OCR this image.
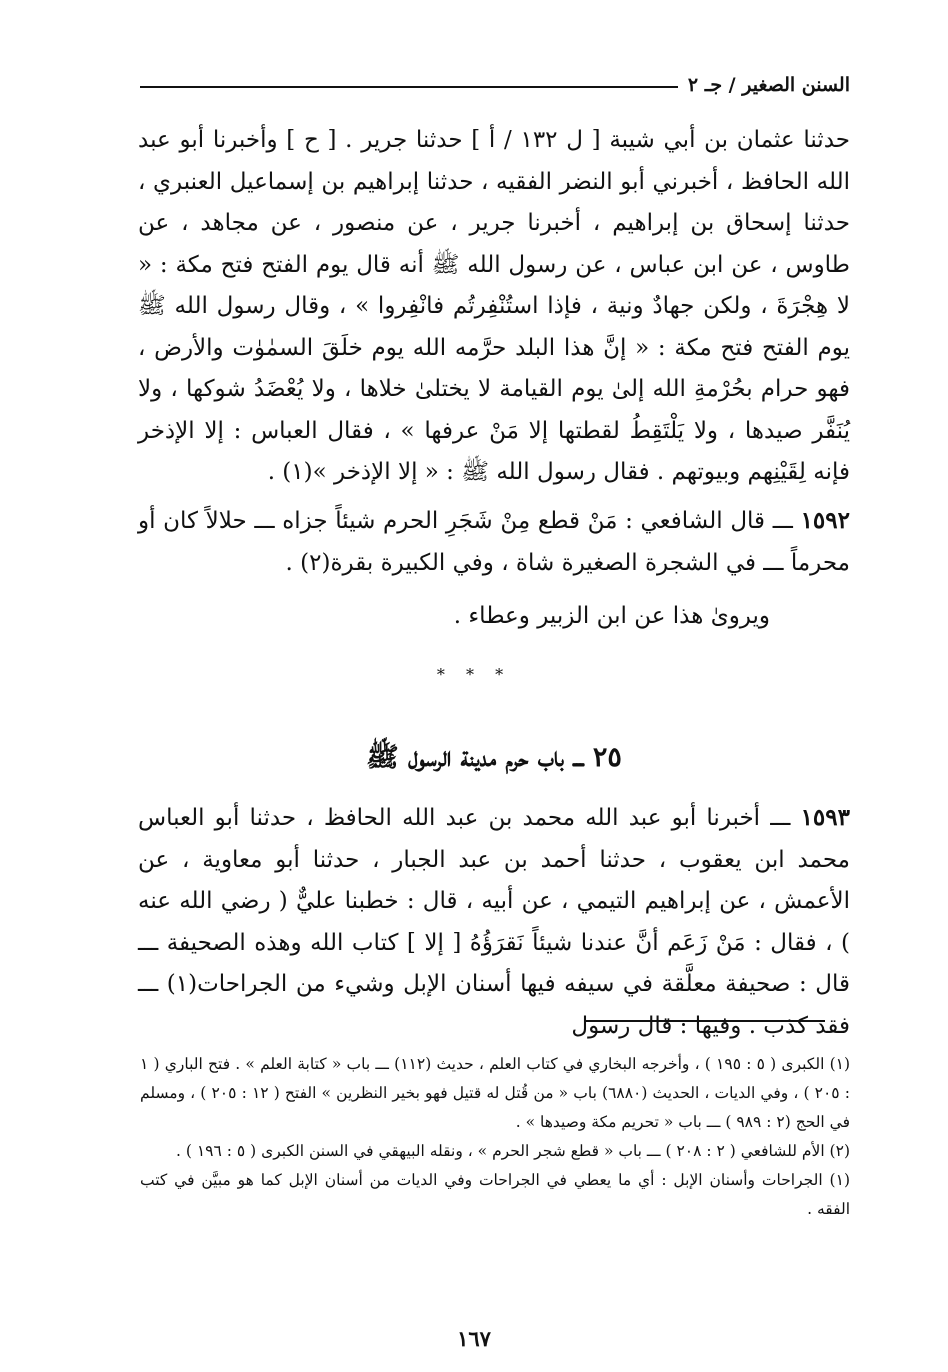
السنن الصغير / جـ ٢

حدثنا عثمان بن أبي شيبة [ ل ١٣٢ / أ ] حدثنا جرير . [ ح ] وأخبرنا أبو عبد الله الحافظ ، أخبرني أبو النضر الفقيه ، حدثنا إبراهيم بن إسماعيل العنبري ، حدثنا إسحاق بن إبراهيم ، أخبرنا جرير ، عن منصور ، عن مجاهد ، عن طاوس ، عن ابن عباس ، عن رسول الله ﷺ أنه قال يوم الفتح فتح مكة : « لا هِجْرَةَ ، ولكن جهادٌ ونية ، فإذا استُنْفِرتُم فانْفِروا » ، وقال رسول الله ﷺ يوم الفتح فتح مكة : « إنَّ هذا البلد حرَّمه الله يوم خلَقَ السمٰوٰت والأرض ، فهو حرام بحُرْمةِ الله إلىٰ يوم القيامة لا يختلىٰ خلاها ، ولا يُعْضَدُ شوكها ، ولا يُنَفَّر صيدها ، ولا يَلْتَقِطُ لقطتها إلا مَنْ عرفها » ، فقال العباس : إلا الإذخر فإنه لِقَيْنِهم وبيوتهم . فقال رسول الله ﷺ : « إلا الإذخر »(١) .

١٥٩٢ ـــ قال الشافعي : مَنْ قطع مِنْ شَجَرِ الحرم شيئاً جزاه ـــ حلالاً كان أو محرماً ـــ في الشجرة الصغيرة شاة ، وفي الكبيرة بقرة(٢) .

ويروىٰ هذا عن ابن الزبير وعطاء .

* * *
٢٥ ـــ باب حرم مدينة الرسول ﷺ

١٥٩٣ ـــ أخبرنا أبو عبد الله محمد بن عبد الله الحافظ ، حدثنا أبو العباس محمد ابن يعقوب ، حدثنا أحمد بن عبد الجبار ، حدثنا أبو معاوية ، عن الأعمش ، عن إبراهيم التيمي ، عن أبيه ، قال : خطبنا عليٌّ ( رضي الله عنه ) ، فقال : مَنْ زَعَم أنَّ عندنا شيئاً نَقرَؤُهُ [ إلا ] كتاب الله وهذه الصحيفة ـــ قال : صحيفة معلَّقة في سيفه فيها أسنان الإبل وشيء من الجراحات(١) ـــ فقد كذب . وفيها : قال رسول

(١) الكبرى ( ٥ : ١٩٥ ) ، وأخرجه البخاري في كتاب العلم ، حديث (١١٢) ـــ باب « كتابة العلم » . فتح الباري ( ١ : ٢٠٥ ) ، وفي الديات ، الحديث (٦٨٨٠) باب « من قُتل له قتيل فهو بخير النظرين » الفتح ( ١٢ : ٢٠٥ ) ، ومسلم في الحج (٢ : ٩٨٩ ) ـــ باب « تحريم مكة وصيدها » .

(٢) الأم للشافعي ( ٢ : ٢٠٨ ) ـــ باب « قطع شجر الحرم » ، ونقله البيهقي في السنن الكبرى ( ٥ : ١٩٦ ) .

(١) الجراحات وأسنان الإبل : أي ما يعطي في الجراحات وفي الديات من أسنان الإبل كما هو مبيَّن في كتب الفقه .

١٦٧
